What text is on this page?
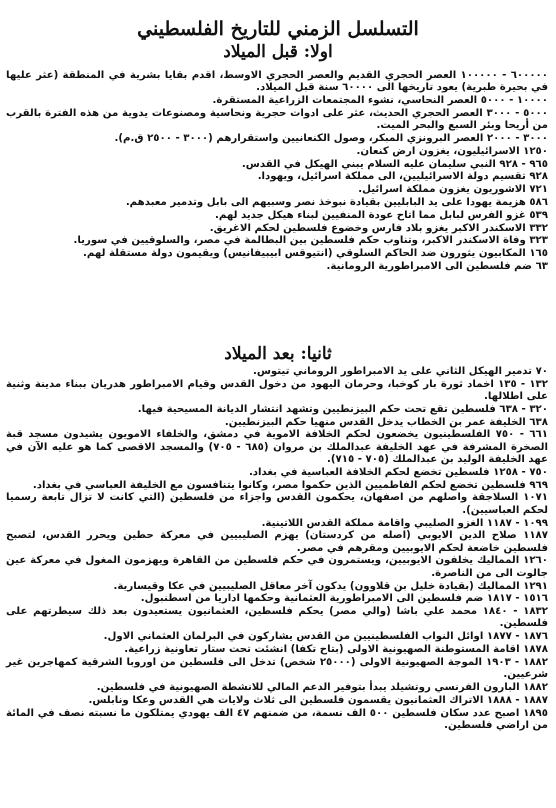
التسلسل الزمني للتاريخ الفلسطيني
اولا: قبل الميلاد
٦٠٠٠٠٠ - ١٠٠٠٠٠ العصر الحجري القديم والعصر الحجري الاوسط، اقدم بقايا بشرية في المنطقة (عثر عليها في بحيرة طبرية) يعود تاريخها الى ٦٠٠٠٠ سنة قبل الميلاد.
١٠٠٠٠ - ٥٠٠٠ العصر النحاسي، نشوء المجتمعات الزراعية المستقرة.
٥٠٠٠ - ٣٠٠٠ العصر الحجري الحديث، عثر على ادوات حجرية ونحاسية ومصنوعات يدوية من هذه الفترة بالقرب من أريحا وبئر السبع والبحر الميت.
٣٠٠٠ - ٢٠٠٠ العصر البرونزي المبكر، وصول الكنعانيين واستقرارهم (٣٠٠٠ - ٢٥٠٠ ق.م).
١٢٥٠ الاسرائيليون، يغزون ارض كنعان.
٩٦٥ - ٩٢٨ النبي سليمان عليه السلام يبني الهيكل في القدس.
٩٢٨ تقسيم دولة الاسرائيليين، الى مملكة اسرائيل، ويهودا.
٧٢١ الاشوريون يغزون مملكة اسرائيل.
٥٨٦ هزيمة يهودا على يد البابليين بقيادة نبوخذ نصر وسبيهم الى بابل وتدمير معبدهم.
٥٣٩ غزو الفرس لبابل مما اتاح عودة المنفيين لبناء هيكل جديد لهم.
٣٣٢ الاسكندر الاكبر يغزو بلاد فارس وخضوع فلسطين لحكم الاغريق.
٣٢٣ وفاة الاسكندر الاكبر، وتناوب حكم فلسطين بين البطالمة في مصر، والسلوقيين في سوريا.
١٦٥ المكابيون يثورون ضد الحاكم السلوقي (انتيوقس ابيبيفانيس) ويقيمون دولة مستقلة لهم.
٦٣ ضم فلسطين الى الامبراطورية الرومانية.
ثانيا: بعد الميلاد
٧٠ تدمير الهيكل الثاني على يد الامبراطور الروماني تيتوس.
١٣٢ - ١٣٥ اخماد ثورة بار كوخبا، وحرمان اليهود من دخول القدس وقيام الامبراطور هدريان ببناء مدينة وثنية على اطلالها.
٣٢٠ - ٦٣٨ فلسطين تقع تحت حكم البيزنطيين وتشهد انتشار الديانة المسيحية فيها.
٦٣٨ الخليفة عمر بن الخطاب يدخل القدس منهيا حكم البيزنطيين.
٦٦١ - ٧٥٠ الفلسطينيون يخضعون لحكم الخلافة الاموية في دمشق، والخلفاء الامويون يشيدون مسجد قبة الصخرة المشرفة في عهد الخليفة عبدالملك بن مروان (٦٨٥ - ٧٠٥) والمسجد الاقصى كما هو عليه الآن في عهد الخليفة الوليد بن عبدالملك (٧٠٥ - ٧١٥).
٧٥٠ - ١٢٥٨ فلسطين تخضع لحكم الخلافة العباسية في بغداد.
٩٦٩ فلسطين تخضع لحكم الفاطميين الذين حكموا مصر، وكانوا يتنافسون مع الخليفة العباسي في بغداد.
١٠٧١ السلاجقة واصلهم من اصفهان، يحكمون القدس واجزاء من فلسطين (التي كانت لا تزال تابعة رسميا لحكم العباسيين).
١٠٩٩ - ١١٨٧ الغزو الصليبي واقامة مملكة القدس اللاتينية.
١١٨٧ صلاح الدين الايوبي (اصله من كردستان) يهزم الصليبيين في معركة حطين ويحرر القدس، لتصبح فلسطين خاضعة لحكم الايوبيين ومقرهم في مصر.
١٢٦٠ المماليك يخلفون الايوبيين، ويستمرون في حكم فلسطين من القاهرة ويهزمون المغول في معركة عين جالوت الى من الناصرة.
١٢٩١ المماليك (بقيادة خليل بن قلاوون) يدكون آخر معاقل الصليبيين في عكا وقيسارية.
١٥١٦ - ١٨١٧ ضم فلسطين الى الامبراطورية العثمانية وحكمها اداريا من اسطنبول.
١٨٣٢ - ١٨٤٠ محمد علي باشا (والي مصر) يحكم فلسطين، العثمانيون يستعيدون بعد ذلك سيطرتهم على فلسطين.
١٨٧٦ - ١٨٧٧ اوائل النواب الفلسطينيين من القدس يشاركون في البرلمان العثماني الاول.
١٨٧٨ اقامة المستوطنة الصهيونية الاولى (بتاح تكفا) انشئت تحت ستار تعاونية زراعية.
١٨٨٢ - ١٩٠٣ الموجة الصهيونية الاولى (٢٥٠٠٠ شخص) تدخل الى فلسطين من اوروبا الشرقية كمهاجرين غير شرعيين.
١٨٨٢ البارون الفرنسي روتشيلد يبدأ بتوفير الدعم المالي للانشطة الصهيونية في فلسطين.
١٨٨٧ - ١٨٨٨ الاتراك العثمانيون يقسمون فلسطين الى ثلاث ولايات هي القدس وعكا ونابلس.
١٨٩٥ اصبح عدد سكان فلسطين ٥٠٠ الف نسمة، من ضمنهم ٤٧ الف يهودي يمتلكون ما نسبته نصف في المائة من اراضي فلسطين.
